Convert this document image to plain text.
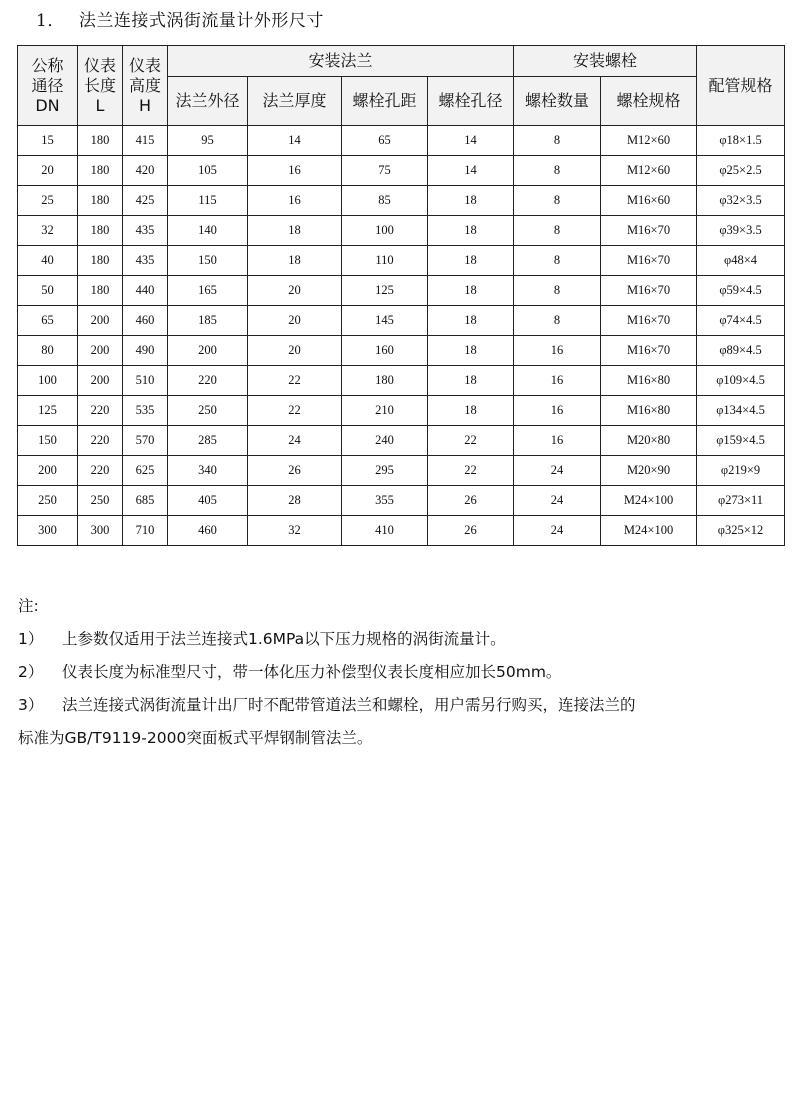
1． 法兰连接式涡街流量计外形尺寸
公称
通径
DN	仪表
长度
L	仪表
高度
H	安装法兰				安装螺栓		配管规格
			法兰外径	法兰厚度	螺栓孔距	螺栓孔径	螺栓数量	螺栓规格	
15	180	415	95	14	65	14	8	M12×60	φ18×1.5
20	180	420	105	16	75	14	8	M12×60	φ25×2.5
25	180	425	115	16	85	18	8	M16×60	φ32×3.5
32	180	435	140	18	100	18	8	M16×70	φ39×3.5
40	180	435	150	18	110	18	8	M16×70	φ48×4
50	180	440	165	20	125	18	8	M16×70	φ59×4.5
65	200	460	185	20	145	18	8	M16×70	φ74×4.5
80	200	490	200	20	160	18	16	M16×70	φ89×4.5
100	200	510	220	22	180	18	16	M16×80	φ109×4.5
125	220	535	250	22	210	18	16	M16×80	φ134×4.5
150	220	570	285	24	240	22	16	M20×80	φ159×4.5
200	220	625	340	26	295	22	24	M20×90	φ219×9
250	250	685	405	28	355	26	24	M24×100	φ273×11
300	300	710	460	32	410	26	24	M24×100	φ325×12
注:
1） 上参数仅适用于法兰连接式1.6MPa以下压力规格的涡街流量计。
2） 仪表长度为标准型尺寸，带一体化压力补偿型仪表长度相应加长50mm。
3） 法兰连接式涡街流量计出厂时不配带管道法兰和螺栓，用户需另行购买，连接法兰的
标准为GB/T9119-2000突面板式平焊钢制管法兰。
